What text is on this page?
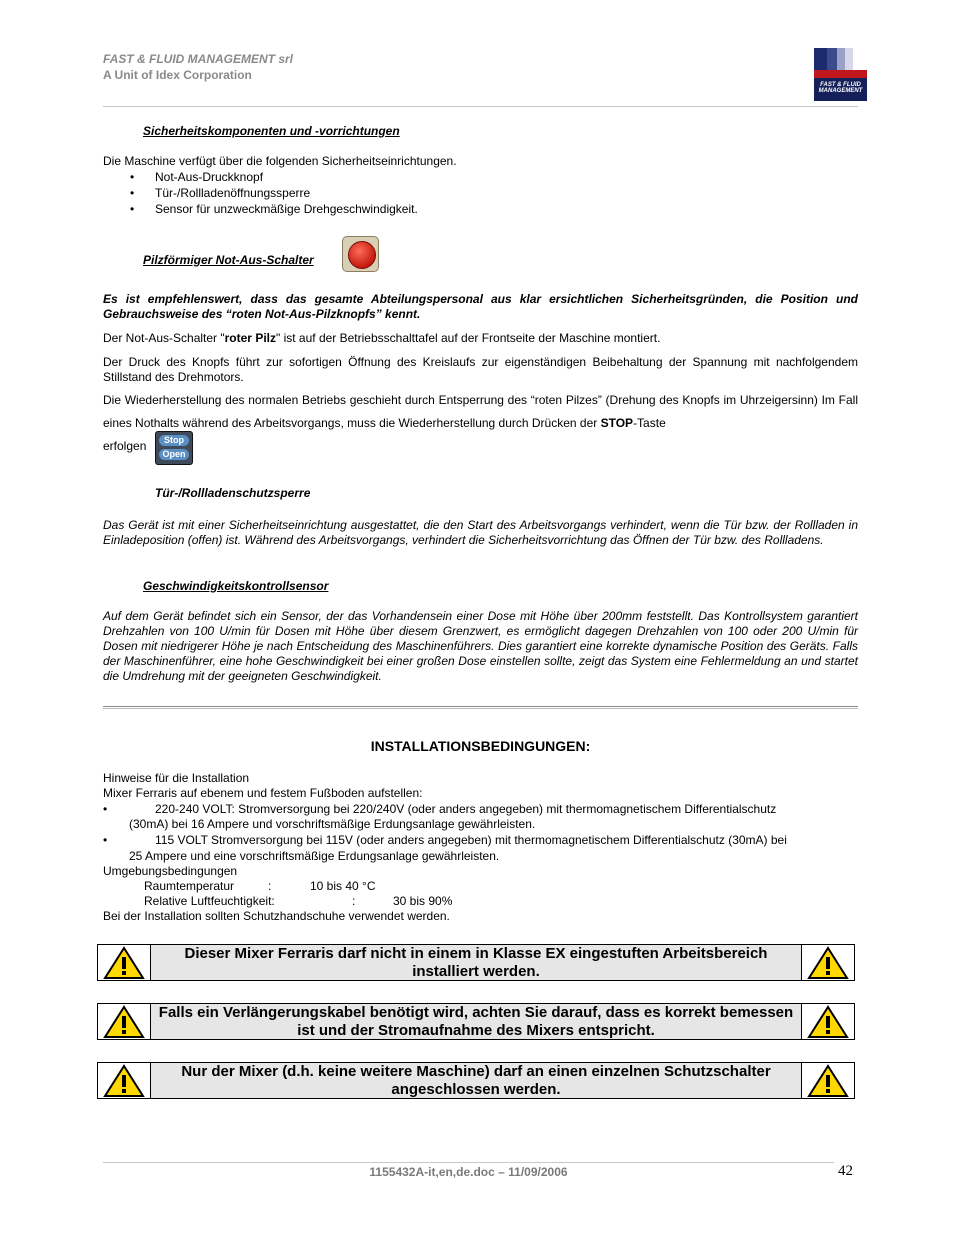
FAST & FLUID MANAGEMENT srl
A Unit of Idex Corporation
FAST & FLUID MANAGEMENT
Sicherheitskomponenten und -vorrichtungen
Die Maschine verfügt über die folgenden Sicherheitseinrichtungen.
• Not-Aus-Druckknopf
• Tür-/Rollladenöffnungssperre
• Sensor für unzweckmäßige Drehgeschwindigkeit.
Pilzförmiger Not-Aus-Schalter
Es ist empfehlenswert, dass das gesamte Abteilungspersonal aus klar ersichtlichen Sicherheitsgründen, die Position und Gebrauchsweise des “roten Not-Aus-Pilzknopfs” kennt.
Der Not-Aus-Schalter "roter Pilz" ist auf der Betriebsschalttafel auf der Frontseite der Maschine montiert.
Der Druck des Knopfs führt zur sofortigen Öffnung des Kreislaufs zur eigenständigen Beibehaltung der Spannung mit nachfolgendem Stillstand des Drehmotors.
Die Wiederherstellung des normalen Betriebs geschieht durch Entsperrung des “roten Pilzes” (Drehung des Knopfs im Uhrzeigersinn) Im Fall eines Nothalts während des Arbeitsvorgangs, muss die Wiederherstellung durch Drücken der STOP-Taste
erfolgen	Stop
Open
Tür-/Rollladenschutzsperre
Das Gerät ist mit einer Sicherheitseinrichtung ausgestattet, die den Start des Arbeitsvorgangs verhindert, wenn die Tür bzw. der Rollladen in Einladeposition (offen) ist. Während des Arbeitsvorgangs, verhindert die Sicherheitsvorrichtung das Öffnen der Tür bzw. des Rollladens.
Geschwindigkeitskontrollsensor
Auf dem Gerät befindet sich ein Sensor, der das Vorhandensein einer Dose mit Höhe über 200mm feststellt. Das Kontrollsystem garantiert Drehzahlen von 100 U/min für Dosen mit Höhe über diesem Grenzwert, es ermöglicht dagegen Drehzahlen von 100 oder 200 U/min für Dosen mit niedrigerer Höhe je nach Entscheidung des Maschinenführers. Dies garantiert eine korrekte dynamische Position des Geräts. Falls der Maschinenführer, eine hohe Geschwindigkeit bei einer großen Dose einstellen sollte, zeigt das System eine Fehlermeldung an und startet die Umdrehung mit der geeigneten Geschwindigkeit.
INSTALLATIONSBEDINGUNGEN:
Hinweise für die Installation
Mixer Ferraris auf ebenem und festem Fußboden aufstellen:
•	220-240 VOLT: Stromversorgung bei 220/240V (oder anders angegeben) mit thermomagnetischem Differentialschutz
(30mA) bei 16 Ampere und vorschriftsmäßige Erdungsanlage gewährleisten.
•	115 VOLT Stromversorgung bei 115V (oder anders angegeben) mit thermomagnetischem Differentialschutz (30mA) bei
25 Ampere und eine vorschriftsmäßige Erdungsanlage gewährleisten.
Umgebungsbedingungen
Raumtemperatur	:	10 bis 40 °C
Relative Luftfeuchtigkeit:	:	30 bis 90%
Bei der Installation sollten Schutzhandschuhe verwendet werden.
Dieser Mixer Ferraris darf nicht in einem in Klasse EX eingestuften Arbeitsbereich installiert werden.
Falls ein Verlängerungskabel benötigt wird, achten Sie darauf, dass es korrekt bemessen ist und der Stromaufnahme des Mixers entspricht.
Nur der Mixer (d.h. keine weitere Maschine) darf an einen einzelnen Schutzschalter angeschlossen werden.
1155432A-it,en,de.doc – 11/09/2006	42
